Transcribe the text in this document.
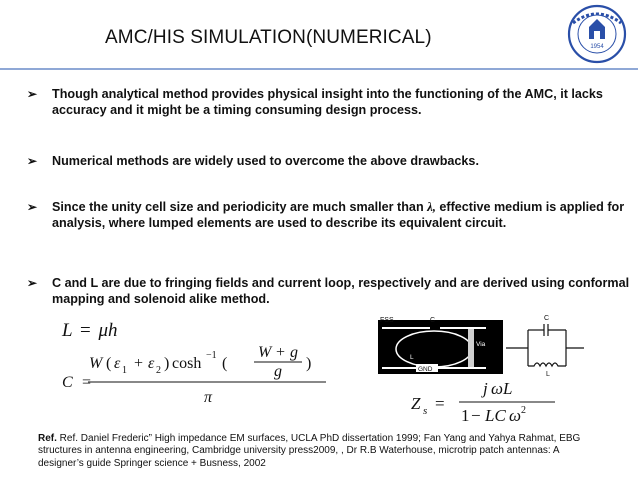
AMC/HIS SIMULATION(NUMERICAL)	1954
➢	Though analytical method provides physical insight into the functioning of the AMC, it lacks accuracy and it might be a timing consuming design process.
➢	Numerical methods are widely used to overcome the above drawbacks.
➢	Since the unity cell size and periodicity are much smaller than λ, effective medium is applied for analysis, where lumped elements are used to describe its equivalent circuit.
➢	C and L are due to fringing fields and current loop, respectively and are derived using conformal mapping and solenoid alike method.
L = μh
C =
W ( ε 1 + ε 2 ) cosh −1 (
W + g
g )
π
FSS	C
Via
L
GND
C
L
Z s =
j ω L
1 − LC ω 2
Ref. Ref. Daniel Frederic” High impedance EM surfaces, UCLA PhD dissertation 1999; Fan Yang and Yahya Rahmat, EBG structures in antenna engineering, Cambridge university press2009, , Dr R.B Waterhouse, microtrip patch antennas: A designer’s guide Springer science + Busness, 2002
